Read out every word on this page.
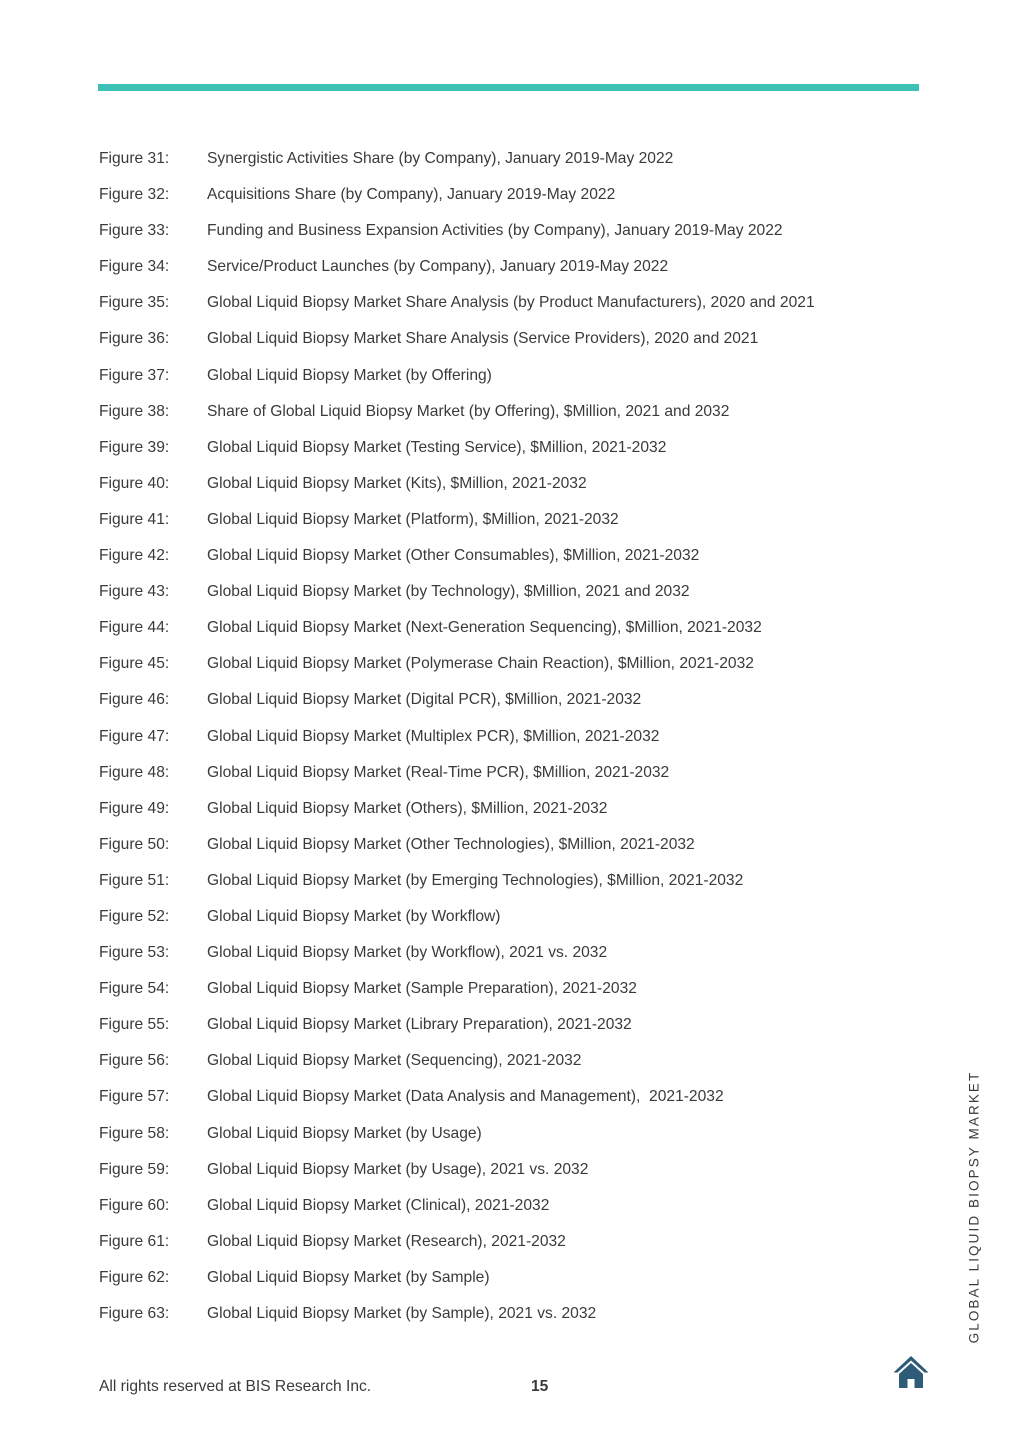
Figure 31:	Synergistic Activities Share (by Company), January 2019-May 2022
Figure 32:	Acquisitions Share (by Company), January 2019-May 2022
Figure 33:	Funding and Business Expansion Activities (by Company), January 2019-May 2022
Figure 34:	Service/Product Launches (by Company), January 2019-May 2022
Figure 35:	Global Liquid Biopsy Market Share Analysis (by Product Manufacturers), 2020 and 2021
Figure 36:	Global Liquid Biopsy Market Share Analysis (Service Providers), 2020 and 2021
Figure 37:	Global Liquid Biopsy Market (by Offering)
Figure 38:	Share of Global Liquid Biopsy Market (by Offering), $Million, 2021 and 2032
Figure 39:	Global Liquid Biopsy Market (Testing Service), $Million, 2021-2032
Figure 40:	Global Liquid Biopsy Market (Kits), $Million, 2021-2032
Figure 41:	Global Liquid Biopsy Market (Platform), $Million, 2021-2032
Figure 42:	Global Liquid Biopsy Market (Other Consumables), $Million, 2021-2032
Figure 43:	Global Liquid Biopsy Market (by Technology), $Million, 2021 and 2032
Figure 44:	Global Liquid Biopsy Market (Next-Generation Sequencing), $Million, 2021-2032
Figure 45:	Global Liquid Biopsy Market (Polymerase Chain Reaction), $Million, 2021-2032
Figure 46:	Global Liquid Biopsy Market (Digital PCR), $Million, 2021-2032
Figure 47:	Global Liquid Biopsy Market (Multiplex PCR), $Million, 2021-2032
Figure 48:	Global Liquid Biopsy Market (Real-Time PCR), $Million, 2021-2032
Figure 49:	Global Liquid Biopsy Market (Others), $Million, 2021-2032
Figure 50:	Global Liquid Biopsy Market (Other Technologies), $Million, 2021-2032
Figure 51:	Global Liquid Biopsy Market (by Emerging Technologies), $Million, 2021-2032
Figure 52:	Global Liquid Biopsy Market (by Workflow)
Figure 53:	Global Liquid Biopsy Market (by Workflow), 2021 vs. 2032
Figure 54:	Global Liquid Biopsy Market (Sample Preparation), 2021-2032
Figure 55:	Global Liquid Biopsy Market (Library Preparation), 2021-2032
Figure 56:	Global Liquid Biopsy Market (Sequencing), 2021-2032
Figure 57:	Global Liquid Biopsy Market (Data Analysis and Management),  2021-2032
Figure 58:	Global Liquid Biopsy Market (by Usage)
Figure 59:	Global Liquid Biopsy Market (by Usage), 2021 vs. 2032
Figure 60:	Global Liquid Biopsy Market (Clinical), 2021-2032
Figure 61:	Global Liquid Biopsy Market (Research), 2021-2032
Figure 62:	Global Liquid Biopsy Market (by Sample)
Figure 63:	Global Liquid Biopsy Market (by Sample), 2021 vs. 2032	GLOBAL LIQUID BIOPSY MARKET
All rights reserved at BIS Research Inc.	15
